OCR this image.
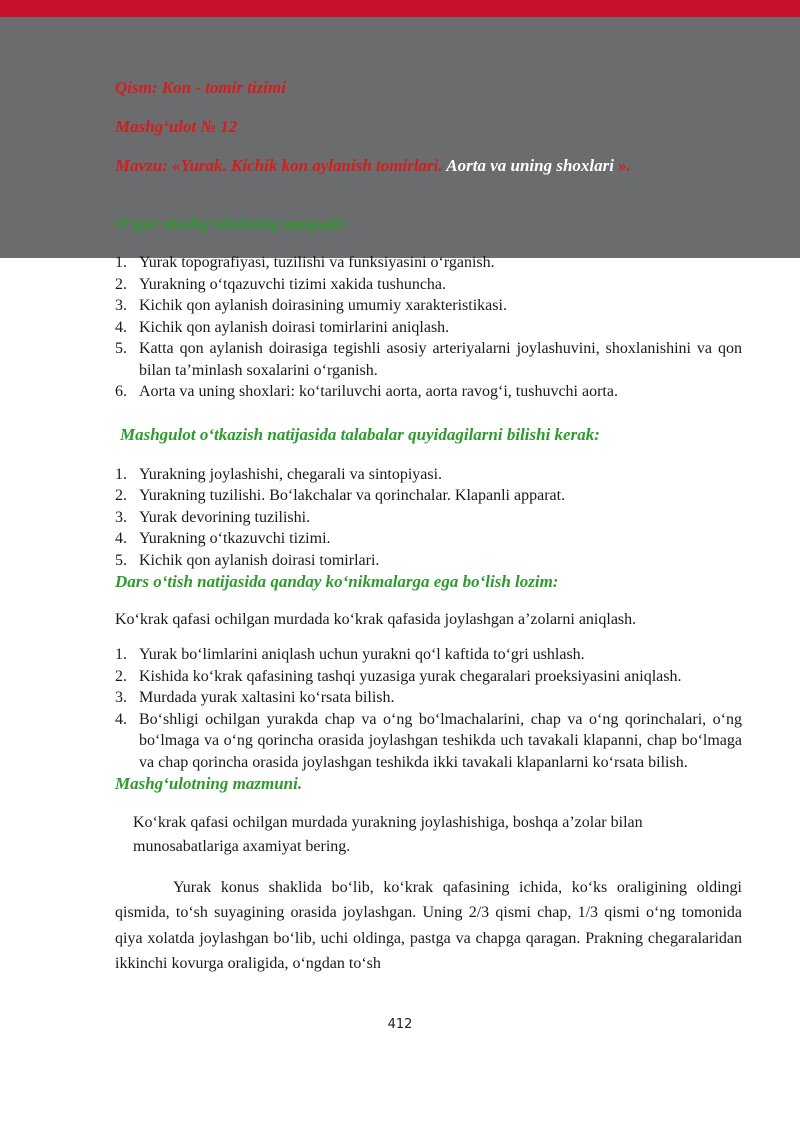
Qism: Kon - tomir tizimi
Mashg‘ulot № 12
Mavzu: «Yurak. Kichik kon aylanish tomirlari. Aorta va uning shoxlari ».
O‘quv mashg‘ulotining maqsadi:
1. Yurak topografiyasi, tuzilishi va funksiyasini o‘rganish.
2. Yurakning o‘tqazuvchi tizimi xakida tushuncha.
3. Kichik qon aylanish doirasining umumiy xarakteristikasi.
4. Kichik qon aylanish doirasi tomirlarini aniqlash.
5. Katta qon aylanish doirasiga tegishli asosiy arteriyalarni joylashuvini, shoxlanishini va qon bilan ta’minlash soxalarini o‘rganish.
6. Aorta va uning shoxlari: ko‘tariluvchi aorta, aorta ravog‘i, tushuvchi aorta.

Mashgulot o‘tkazish natijasida talabalar quyidagilarni bilishi kerak:

1. Yurakning joylashishi, chegarali va sintopiyasi.
2. Yurakning tuzilishi. Bo‘lakchalar va qorinchalar. Klapanli apparat.
3. Yurak devorining tuzilishi.
4. Yurakning o‘tkazuvchi tizimi.
5. Kichik qon aylanish doirasi tomirlari.

Dars o‘tish natijasida qanday ko‘nikmalarga ega bo‘lish lozim:

Ko‘krak qafasi ochilgan murdada ko‘krak qafasida joylashgan a’zolarni aniqlash.

1. Yurak bo‘limlarini aniqlash uchun yurakni qo‘l kaftida to‘gri ushlash.
2. Kishida ko‘krak qafasining tashqi yuzasiga yurak chegaralari proeksiyasini aniqlash.
3. Murdada yurak xaltasini ko‘rsata bilish.
4. Bo‘shligi ochilgan yurakda chap va o‘ng bo‘lmachalarini, chap va o‘ng qorinchalari, o‘ng bo‘lmaga va o‘ng qorincha orasida joylashgan teshikda uch tavakali klapanni, chap bo‘lmaga va chap qorincha orasida joylashgan teshikda ikki tavakali klapanlarni ko‘rsata bilish.

Mashg‘ulotning mazmuni.

Ko‘krak qafasi ochilgan murdada yurakning joylashishiga, boshqa a’zolar bilan munosabatlariga axamiyat bering.

Yurak konus shaklida bo‘lib, ko‘krak qafasining ichida, ko‘ks oraligining oldingi qismida, to‘sh suyagining orasida joylashgan. Uning 2/3 qismi chap, 1/3 qismi o‘ng tomonida qiya xolatda joylashgan bo‘lib, uchi oldinga, pastga va chapga qaragan. Prakning chegaralaridan ikkinchi kovurga oraligida, o‘ngdan to‘sh

412
